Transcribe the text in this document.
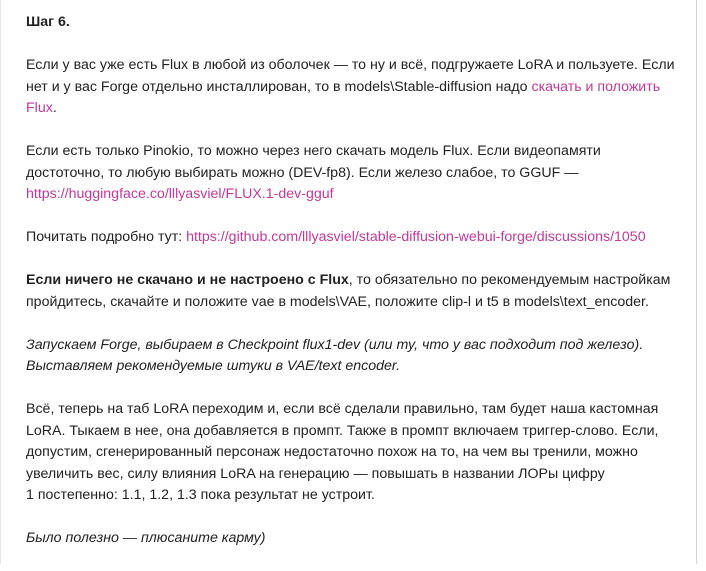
Шаг 6.

Если у вас уже есть Flux в любой из оболочек — то ну и всё, подгружаете LoRA и пользуете. Если нет и у вас Forge отдельно инсталлирован, то в models\Stable-diffusion надо скачать и положить Flux.

Если есть только Pinokio, то можно через него скачать модель Flux. Если видеопамяти достоточно, то любую выбирать можно (DEV-fp8). Если железо слабое, то GGUF — https://huggingface.co/lllyasviel/FLUX.1-dev-gguf

Почитать подробно тут: https://github.com/lllyasviel/stable-diffusion-webui-forge/discussions/1050

Если ничего не скачано и не настроено с Flux, то обязательно по рекомендуемым настройкам пройдитесь, скачайте и положите vae в models\VAE, положите clip-l и t5 в models\text_encoder.

Запускаем Forge, выбираем в Checkpoint flux1-dev (или ту, что у вас подходит под железо).
Выставляем рекомендуемые штуки в VAE/text encoder.

Всё, теперь на таб LoRA переходим и, если всё сделали правильно, там будет наша кастомная LoRA. Тыкаем в нее, она добавляется в промпт. Также в промпт включаем триггер-слово. Если, допустим, сгенерированный персонаж недостаточно похож на то, на чем вы тренили, можно увеличить вес, силу влияния LoRA на генерацию — повышать в названии ЛОРы цифру
1 постепенно: 1.1, 1.2, 1.3 пока результат не устроит.

Было полезно — плюсаните карму)
